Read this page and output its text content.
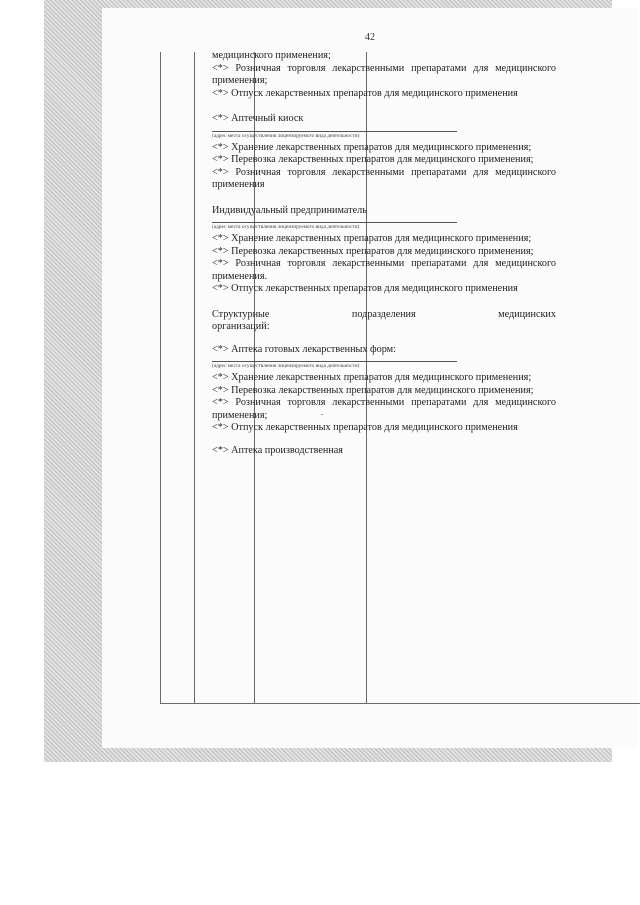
42
медицинского применения;
<*> Розничная торговля лекарственными препаратами для медицинского применения;
<*> Отпуск лекарственных препаратов для медицинского применения
<*> Аптечный киоск
(адрес места осуществления лицензируемого вида деятельности)
<*> Хранение лекарственных препаратов для медицинского применения;
<*> Перевозка лекарственных препаратов для медицинского применения;
<*> Розничная торговля лекарственными препаратами для медицинского применения
Индивидуальный предприниматель
(адрес места осуществления лицензируемого вида деятельности)
<*> Хранение лекарственных препаратов для медицинского применения;
<*> Перевозка лекарственных препаратов для медицинского применения;
<*> Розничная торговля лекарственными препаратами для медицинского применения.
<*> Отпуск лекарственных препаратов для медицинского применения
Структурные	подразделения	медицинских
организаций:
<*> Аптека готовых лекарственных форм:
(адрес места осуществления лицензируемого вида деятельности)
<*> Хранение лекарственных препаратов для медицинского применения;
<*> Перевозка лекарственных препаратов для медицинского применения;
<*> Розничная торговля лекарственными препаратами для медицинского применения;
<*> Отпуск лекарственных препаратов для медицинского применения
<*> Аптека производственная
